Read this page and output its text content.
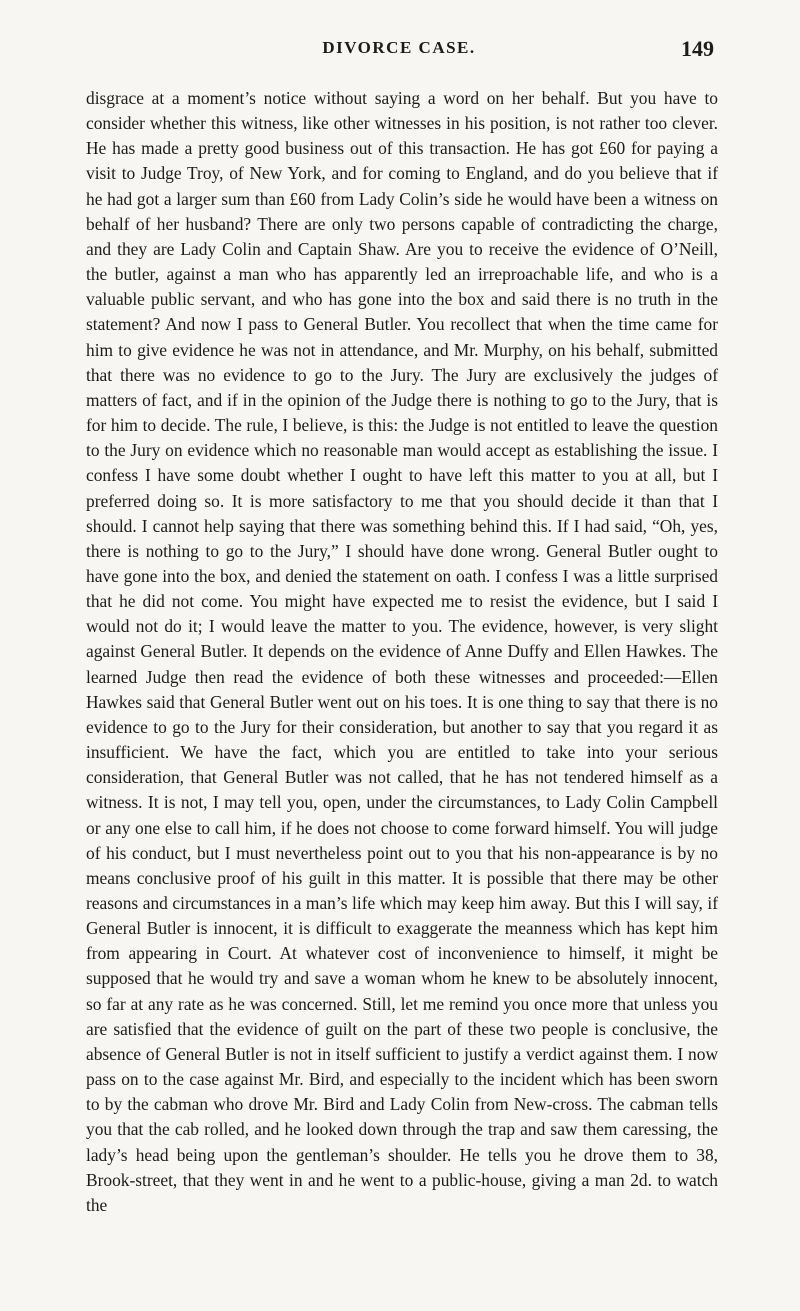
DIVORCE CASE.	149

disgrace at a moment’s notice without saying a word on her behalf. But you have to consider whether this witness, like other witnesses in his position, is not rather too clever. He has made a pretty good business out of this transaction. He has got £60 for paying a visit to Judge Troy, of New York, and for coming to England, and do you believe that if he had got a larger sum than £60 from Lady Colin’s side he would have been a witness on behalf of her husband? There are only two persons capable of contradicting the charge, and they are Lady Colin and Captain Shaw. Are you to receive the evidence of O’Neill, the butler, against a man who has apparently led an irreproachable life, and who is a valuable public servant, and who has gone into the box and said there is no truth in the statement? And now I pass to General Butler. You recollect that when the time came for him to give evidence he was not in attendance, and Mr. Murphy, on his behalf, submitted that there was no evidence to go to the Jury. The Jury are exclusively the judges of matters of fact, and if in the opinion of the Judge there is nothing to go to the Jury, that is for him to decide. The rule, I believe, is this: the Judge is not entitled to leave the question to the Jury on evidence which no reasonable man would accept as establishing the issue. I confess I have some doubt whether I ought to have left this matter to you at all, but I preferred doing so. It is more satisfactory to me that you should decide it than that I should. I cannot help saying that there was something behind this. If I had said, “Oh, yes, there is nothing to go to the Jury,” I should have done wrong. General Butler ought to have gone into the box, and denied the statement on oath. I confess I was a little surprised that he did not come. You might have expected me to resist the evidence, but I said I would not do it; I would leave the matter to you. The evidence, however, is very slight against General Butler. It depends on the evidence of Anne Duffy and Ellen Hawkes. The learned Judge then read the evidence of both these witnesses and proceeded:—Ellen Hawkes said that General Butler went out on his toes. It is one thing to say that there is no evidence to go to the Jury for their consideration, but another to say that you regard it as insufficient. We have the fact, which you are entitled to take into your serious consideration, that General Butler was not called, that he has not tendered himself as a witness. It is not, I may tell you, open, under the circumstances, to Lady Colin Campbell or any one else to call him, if he does not choose to come forward himself. You will judge of his conduct, but I must nevertheless point out to you that his non-appearance is by no means conclusive proof of his guilt in this matter. It is possible that there may be other reasons and circumstances in a man’s life which may keep him away. But this I will say, if General Butler is innocent, it is difficult to exaggerate the meanness which has kept him from appearing in Court. At whatever cost of inconvenience to himself, it might be supposed that he would try and save a woman whom he knew to be absolutely innocent, so far at any rate as he was concerned. Still, let me remind you once more that unless you are satisfied that the evidence of guilt on the part of these two people is conclusive, the absence of General Butler is not in itself sufficient to justify a verdict against them. I now pass on to the case against Mr. Bird, and especially to the incident which has been sworn to by the cabman who drove Mr. Bird and Lady Colin from New-cross. The cabman tells you that the cab rolled, and he looked down through the trap and saw them caressing, the lady’s head being upon the gentleman’s shoulder. He tells you he drove them to 38, Brook-street, that they went in and he went to a public-house, giving a man 2d. to watch the
